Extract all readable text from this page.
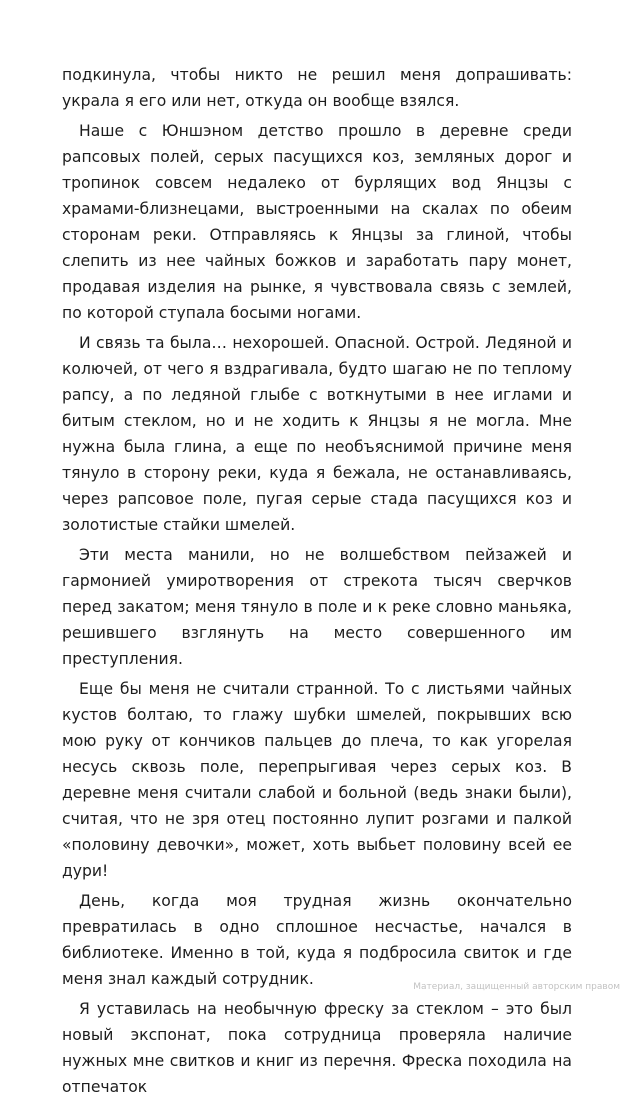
подкинула, чтобы никто не решил меня допрашивать: украла я его или нет, откуда он вообще взялся.

Наше с Юншэном детство прошло в деревне среди рапсовых полей, серых пасущихся коз, земляных дорог и тропинок совсем недалеко от бурлящих вод Янцзы с храмами-близнецами, выстроенными на скалах по обеим сторонам реки. Отправляясь к Янцзы за глиной, чтобы слепить из нее чайных божков и заработать пару монет, продавая изделия на рынке, я чувствовала связь с землей, по которой ступала босыми ногами.

И связь та была… нехорошей. Опасной. Острой. Ледяной и колючей, от чего я вздрагивала, будто шагаю не по теплому рапсу, а по ледяной глыбе с воткнутыми в нее иглами и битым стеклом, но и не ходить к Янцзы я не могла. Мне нужна была глина, а еще по необъяснимой причине меня тянуло в сторону реки, куда я бежала, не останавливаясь, через рапсовое поле, пугая серые стада пасущихся коз и золотистые стайки шмелей.

Эти места манили, но не волшебством пейзажей и гармонией умиротворения от стрекота тысяч сверчков перед закатом; меня тянуло в поле и к реке словно маньяка, решившего взглянуть на место совершенного им преступления.

Еще бы меня не считали странной. То с листьями чайных кустов болтаю, то глажу шубки шмелей, покрывших всю мою руку от кончиков пальцев до плеча, то как угорелая несусь сквозь поле, перепрыгивая через серых коз. В деревне меня считали слабой и больной (ведь знаки были), считая, что не зря отец постоянно лупит розгами и палкой «половину девочки», может, хоть выбьет половину всей ее дури!

День, когда моя трудная жизнь окончательно превратилась в одно сплошное несчастье, начался в библиотеке. Именно в той, куда я подбросила свиток и где меня знал каждый сотрудник.

Я уставилась на необычную фреску за стеклом – это был новый экспонат, пока сотрудница проверяла наличие нужных мне свитков и книг из перечня. Фреска походила на отпечаток

Материал, защищенный авторским правом
